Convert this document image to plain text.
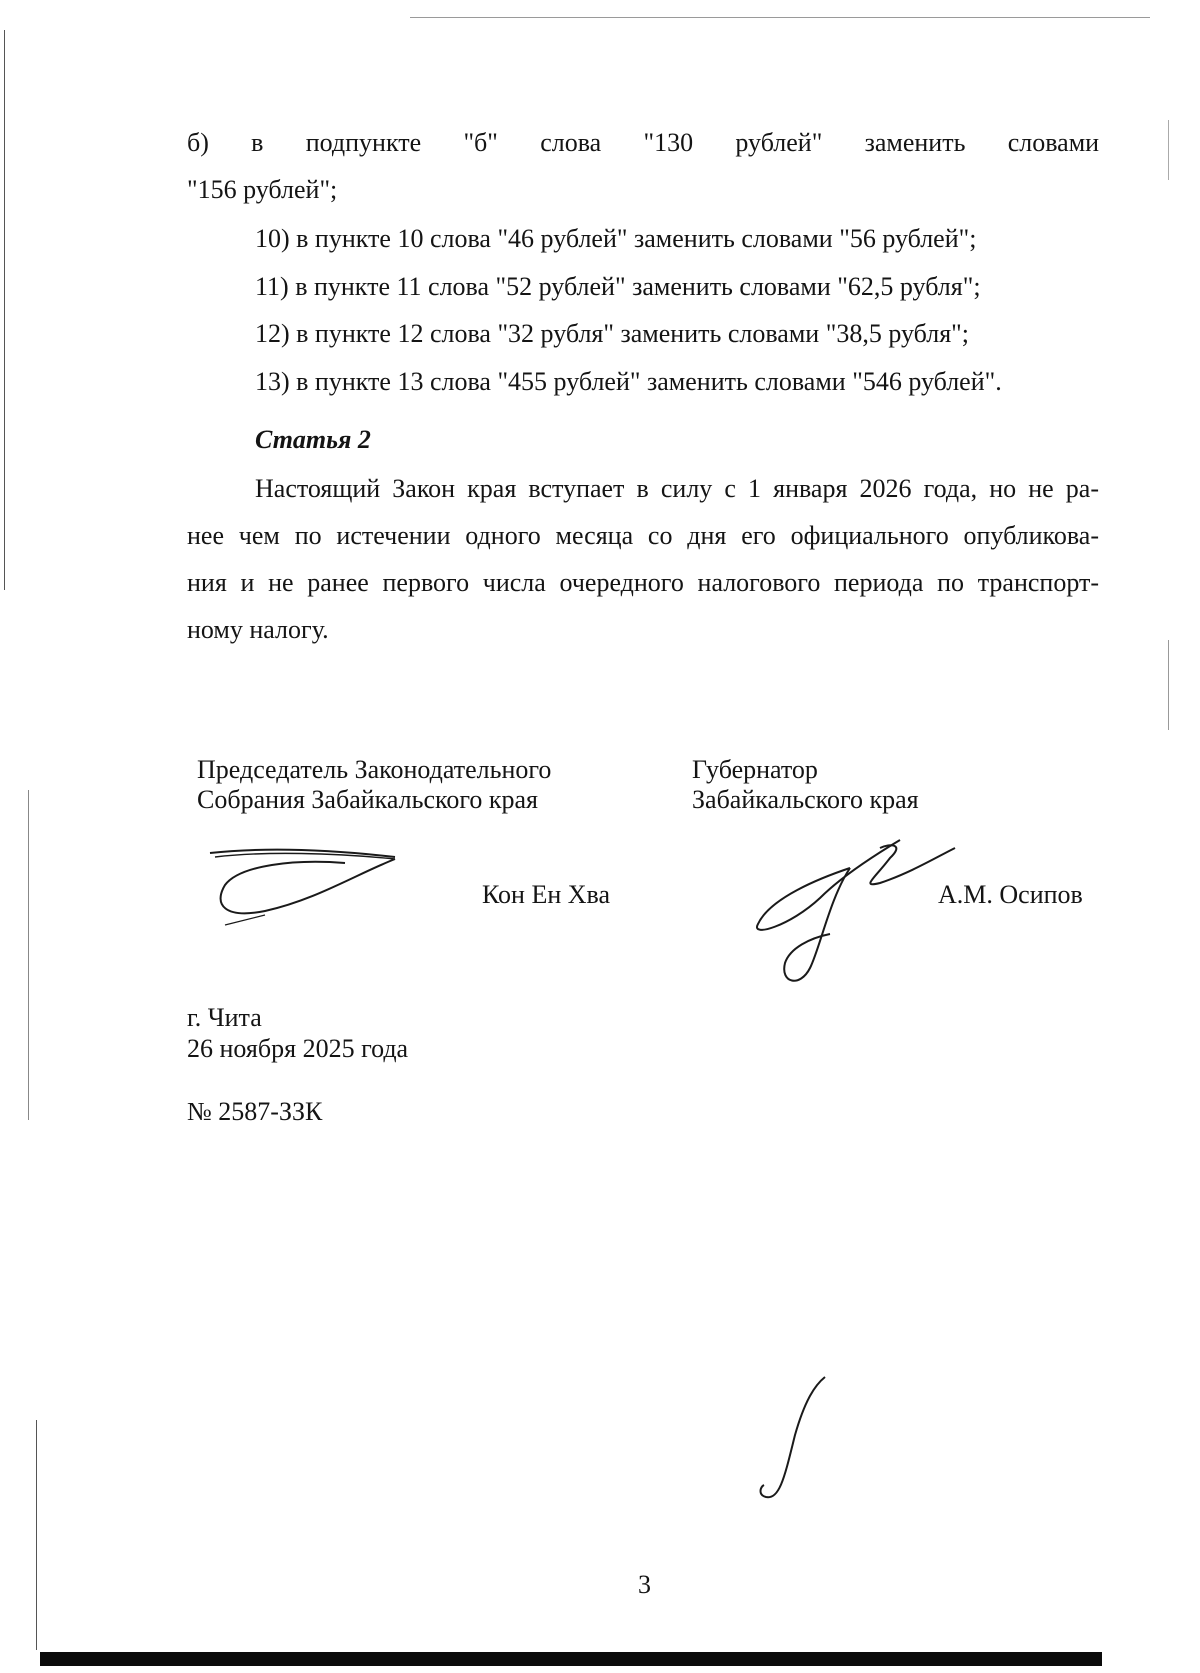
б) в подпункте "б" слова "130 рублей" заменить словами
"156 рублей";
10) в пункте 10 слова "46 рублей" заменить словами "56 рублей";
11) в пункте 11 слова "52 рублей" заменить словами "62,5 рубля";
12) в пункте 12 слова "32 рубля" заменить словами "38,5 рубля";
13) в пункте 13 слова "455 рублей" заменить словами "546 рублей".
Статья 2
Настоящий Закон края вступает в силу с 1 января 2026 года, но не ра-
нее чем по истечении одного месяца со дня его официального опубликова-
ния и не ранее первого числа очередного налогового периода по транспорт-
ному налогу.
Председатель Законодательного
Собрания Забайкальского края
Губернатор
Забайкальского края
Кон Ен Хва	А.М. Осипов
г. Чита
26 ноября 2025 года
№ 2587-ЗЗК
3
